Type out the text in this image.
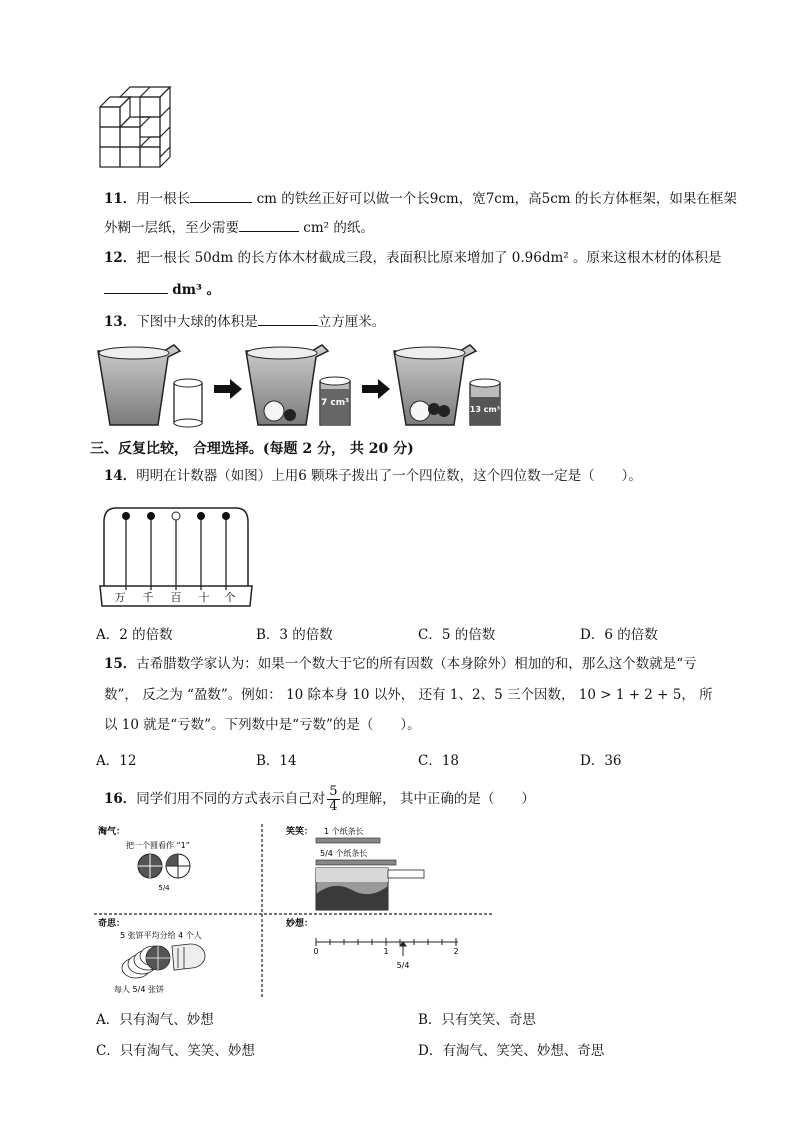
11．用一根长	cm 的铁丝正好可以做一个长9cm，宽7cm，高5cm 的长方体框架，如果在框架
外糊一层纸，至少需要	cm² 的纸。
12．把一根长 50dm 的长方体木材截成三段，表面积比原来增加了 0.96dm² 。原来这根木材的体积是
dm³ 。
13．下图中大球的体积是	立方厘米。
7 cm³
13 cm³
三、反复比较， 合理选择。(每题 2 分， 共 20 分)
14．明明在计数器（如图）上用6 颗珠子拨出了一个四位数，这个四位数一定是（　　）。
万 千 百 十 个
A．2 的倍数	B．3 的倍数	C．5 的倍数	D．6 的倍数
15．古希腊数学家认为：如果一个数大于它的所有因数（本身除外）相加的和，那么这个数就是“亏
数”， 反之为 “盈数”。例如： 10 除本身 10 以外， 还有 1、2、5 三个因数， 10 > 1 + 2 + 5， 所
以 10 就是“亏数”。下列数中是“亏数”的是（　　）。
A．12	B．14	C．18	D．36
16．同学们用不同的方式表示自己对 $\frac{5}{4}$ 的理解， 其中正确的是（　　）
淘气：
把一个圆看作 “1”
5/4
笑笑： 1 个纸条长
5/4 个纸条长
奇思：
5 张饼平均分给 4 个人
每人 5/4 张饼
妙想：
0	1	2
5/4
A．只有淘气、妙想	B．只有笑笑、奇思
C．只有淘气、笑笑、妙想	D．有淘气、笑笑、妙想、奇思
